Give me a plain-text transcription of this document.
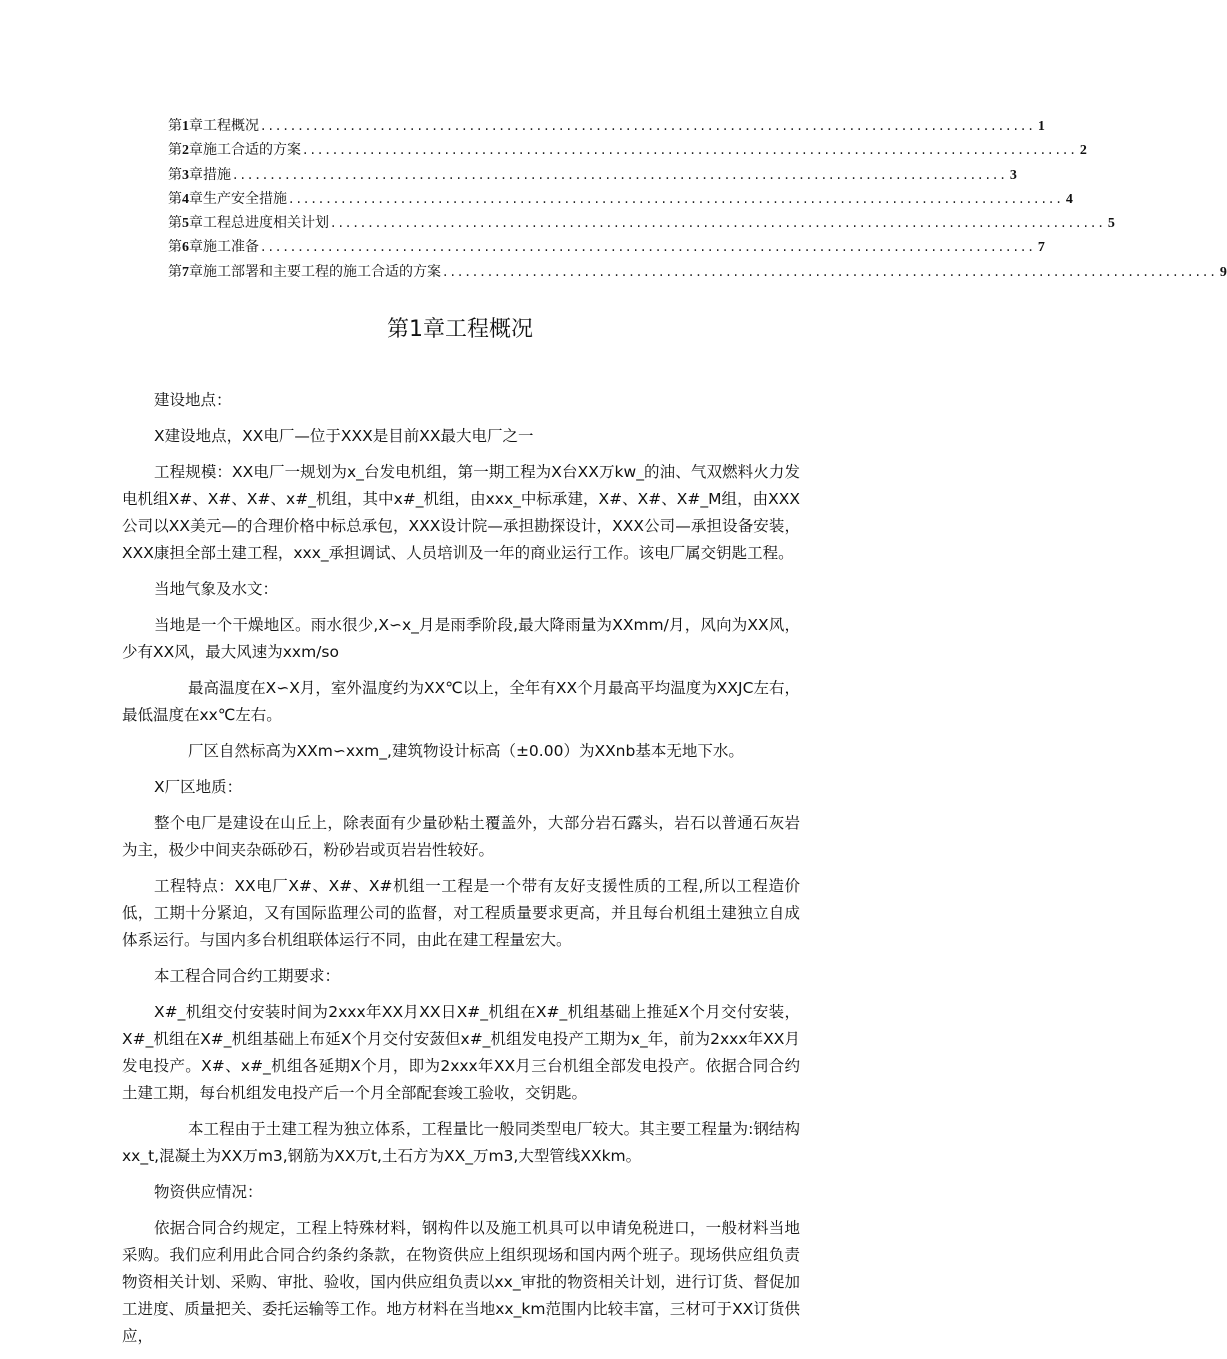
第1章工程概况 ........................................................................................................ 1
第2章施工合适的方案 ........................................................................................................ 2
第3章措施 ........................................................................................................ 3
第4章生产安全措施 ........................................................................................................ 4
第5章工程总进度相关计划 ........................................................................................................ 5
第6章施工准备 ........................................................................................................ 7
第7章施工部署和主要工程的施工合适的方案 ........................................................................................................ 9
第1章工程概况

建设地点：

X建设地点，XX电厂—位于XXX是目前XX最大电厂之一

工程规模：XX电厂一规划为x_台发电机组，第一期工程为X台XX万kw_的油、气双燃料火力发电机组X#、X#、X#、x#_机组，其中x#_机组，由xxx_中标承建，X#、X#、X#_M组，由XXX公司以XX美元—的合理价格中标总承包，XXX设计院—承担勘探设计，XXX公司—承担设备安装，XXX康担全部土建工程，xxx_承担调试、人员培训及一年的商业运行工作。该电厂属交钥匙工程。

当地气象及水文：

当地是一个干燥地区。雨水很少,X∽x_月是雨季阶段,最大降雨量为XXmm/月，风向为XX风，少有XX风，最大风速为xxm/so

最高温度在X∽X月，室外温度约为XX℃以上，全年有XX个月最高平均温度为XXJC左右，最低温度在xx℃左右。

厂区自然标高为XXm∽xxm_,建筑物设计标高（±0.00）为XXnb基本无地下水。

X厂区地质：

整个电厂是建设在山丘上，除表面有少量砂粘土覆盖外，大部分岩石露头，岩石以普通石灰岩为主，极少中间夹杂砾砂石，粉砂岩或页岩岩性较好。

工程特点：XX电厂X#、X#、X#机组一工程是一个带有友好支援性质的工程,所以工程造价低，工期十分紧迫，又有国际监理公司的监督，对工程质量要求更高，并且每台机组土建独立自成体系运行。与国内多台机组联体运行不同，由此在建工程量宏大。

本工程合同合约工期要求：

X#_机组交付安装时间为2xxx年XX月XX日X#_机组在X#_机组基础上推延X个月交付安装，X#_机组在X#_机组基础上布延X个月交付安蔹但x#_机组发电投产工期为x_年，前为2xxx年XX月发电投产。X#、x#_机组各延期X个月，即为2xxx年XX月三台机组全部发电投产。依据合同合约土建工期，每台机组发电投产后一个月全部配套竣工验收，交钥匙。

本工程由于土建工程为独立体系，工程量比一般同类型电厂较大。其主要工程量为:钢结构xx_t,混凝土为XX万m3,钢筋为XX万t,土石方为XX_万m3,大型管线XXkm。

物资供应情况：

依据合同合约规定，工程上特殊材料，钢构件以及施工机具可以申请免税进口，一般材料当地采购。我们应利用此合同合约条约条款，在物资供应上组织现场和国内两个班子。现场供应组负责物资相关计划、采购、审批、验收，国内供应组负责以xx_审批的物资相关计划，进行订货、督促加工进度、质量把关、委托运输等工作。地方材料在当地xx_km范围内比较丰富，三材可于XX订货供应，
